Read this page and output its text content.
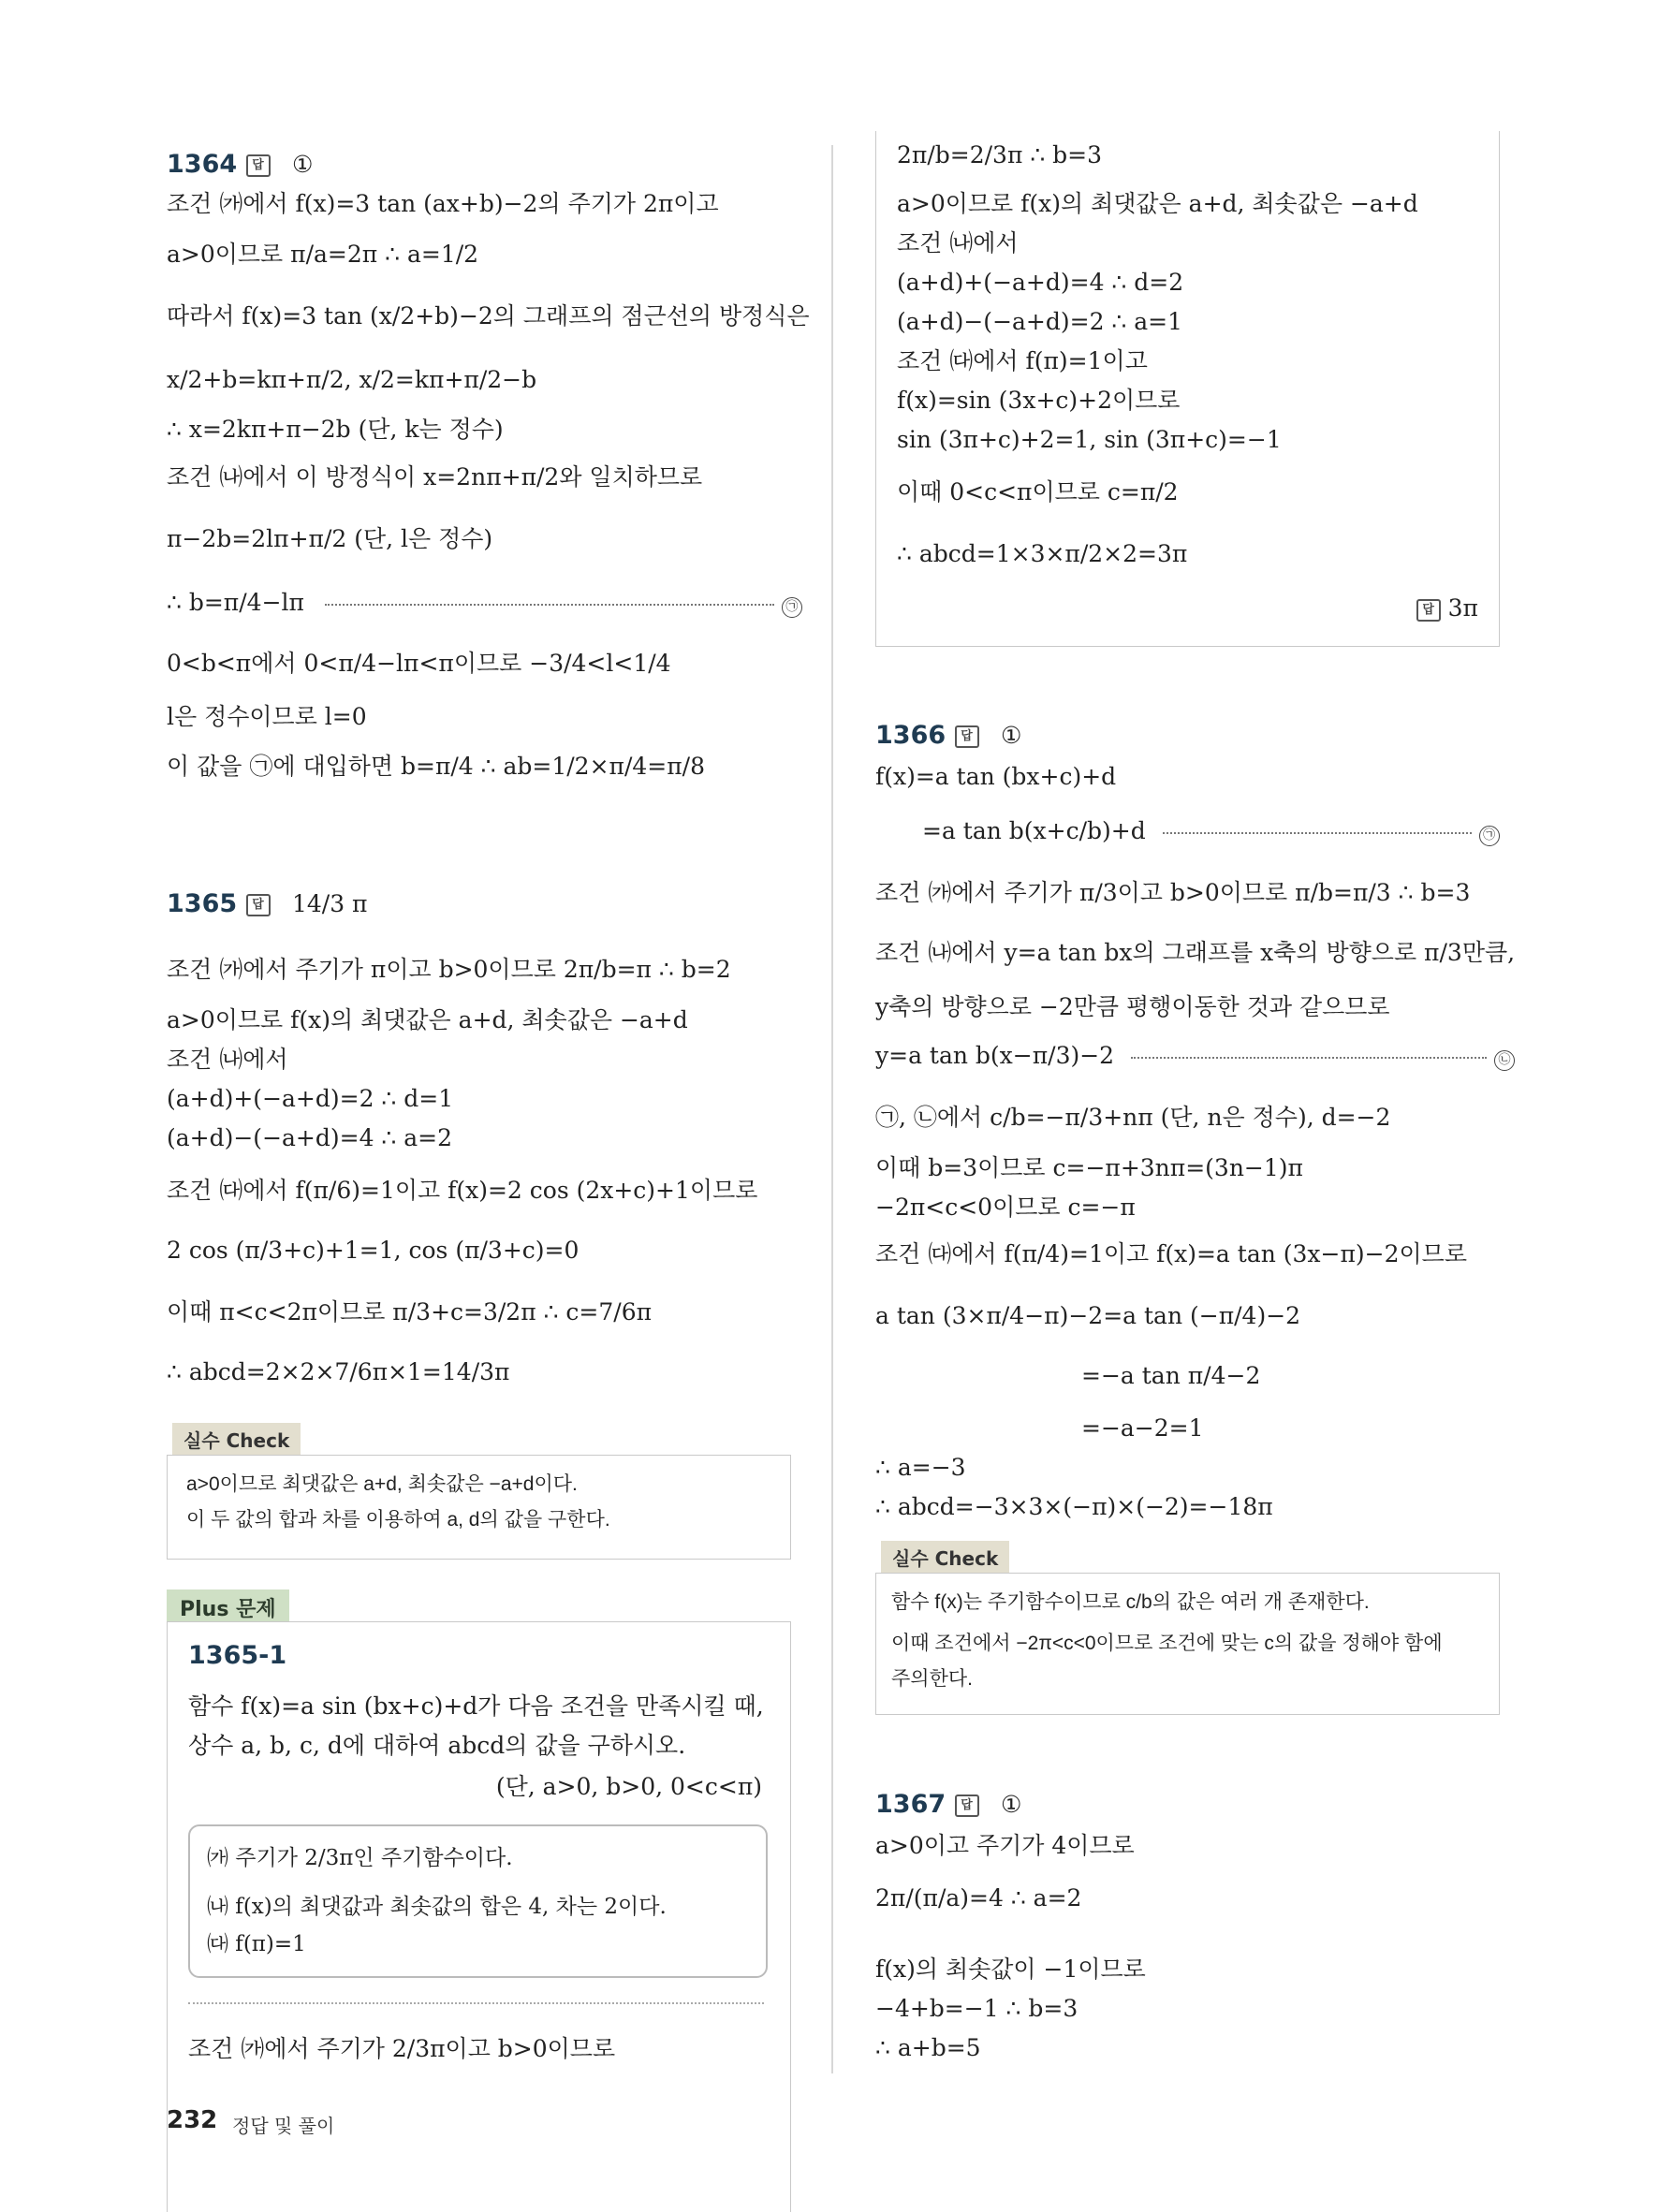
1364 답 ①
조건 ㈎에서 f(x)=3 tan (ax+b)−2의 주기가 2π이고
a>0이므로 π/a=2π ∴ a=1/2
따라서 f(x)=3 tan (x/2+b)−2의 그래프의 점근선의 방정식은
x/2+b=kπ+π/2, x/2=kπ+π/2−b
∴ x=2kπ+π−2b (단, k는 정수)
조건 ㈏에서 이 방정식이 x=2nπ+π/2와 일치하므로
π−2b=2lπ+π/2 (단, l은 정수)
∴ b=π/4−lπ	㉠
0<b<π에서 0<π/4−lπ<π이므로 −3/4<l<1/4
l은 정수이므로 l=0
이 값을 ㉠에 대입하면 b=π/4 ∴ ab=1/2×π/4=π/8
1365 답 14/3 π
조건 ㈎에서 주기가 π이고 b>0이므로 2π/b=π ∴ b=2
a>0이므로 f(x)의 최댓값은 a+d, 최솟값은 −a+d
조건 ㈏에서
(a+d)+(−a+d)=2 ∴ d=1
(a+d)−(−a+d)=4 ∴ a=2
조건 ㈐에서 f(π/6)=1이고 f(x)=2 cos (2x+c)+1이므로
2 cos (π/3+c)+1=1, cos (π/3+c)=0
이때 π<c<2π이므로 π/3+c=3/2π ∴ c=7/6π
∴ abcd=2×2×7/6π×1=14/3π
실수 Check
a>0이므로 최댓값은 a+d, 최솟값은 −a+d이다.
이 두 값의 합과 차를 이용하여 a, d의 값을 구한다.
Plus 문제
1365-1
함수 f(x)=a sin (bx+c)+d가 다음 조건을 만족시킬 때,
상수 a, b, c, d에 대하여 abcd의 값을 구하시오.
(단, a>0, b>0, 0<c<π)
㈎ 주기가 2/3π인 주기함수이다.
㈏ f(x)의 최댓값과 최솟값의 합은 4, 차는 2이다.
㈐ f(π)=1
조건 ㈎에서 주기가 2/3π이고 b>0이므로
2π/b=2/3π ∴ b=3
a>0이므로 f(x)의 최댓값은 a+d, 최솟값은 −a+d
조건 ㈏에서
(a+d)+(−a+d)=4 ∴ d=2
(a+d)−(−a+d)=2 ∴ a=1
조건 ㈐에서 f(π)=1이고
f(x)=sin (3x+c)+2이므로
sin (3π+c)+2=1, sin (3π+c)=−1
이때 0<c<π이므로 c=π/2
∴ abcd=1×3×π/2×2=3π
답 3π
1366 답 ①
f(x)=a tan (bx+c)+d
=a tan b(x+c/b)+d	㉠
조건 ㈎에서 주기가 π/3이고 b>0이므로 π/b=π/3 ∴ b=3
조건 ㈏에서 y=a tan bx의 그래프를 x축의 방향으로 π/3만큼,
y축의 방향으로 −2만큼 평행이동한 것과 같으므로
y=a tan b(x−π/3)−2	㉡
㉠, ㉡에서 c/b=−π/3+nπ (단, n은 정수), d=−2
이때 b=3이므로 c=−π+3nπ=(3n−1)π
−2π<c<0이므로 c=−π
조건 ㈐에서 f(π/4)=1이고 f(x)=a tan (3x−π)−2이므로
a tan (3×π/4−π)−2=a tan (−π/4)−2
=−a tan π/4−2
=−a−2=1
∴ a=−3
∴ abcd=−3×3×(−π)×(−2)=−18π
실수 Check
함수 f(x)는 주기함수이므로 c/b의 값은 여러 개 존재한다.
이때 조건에서 −2π<c<0이므로 조건에 맞는 c의 값을 정해야 함에
주의한다.
1367 답 ①
a>0이고 주기가 4이므로
2π/(π/a)=4 ∴ a=2
f(x)의 최솟값이 −1이므로
−4+b=−1 ∴ b=3
∴ a+b=5
232 정답 및 풀이
